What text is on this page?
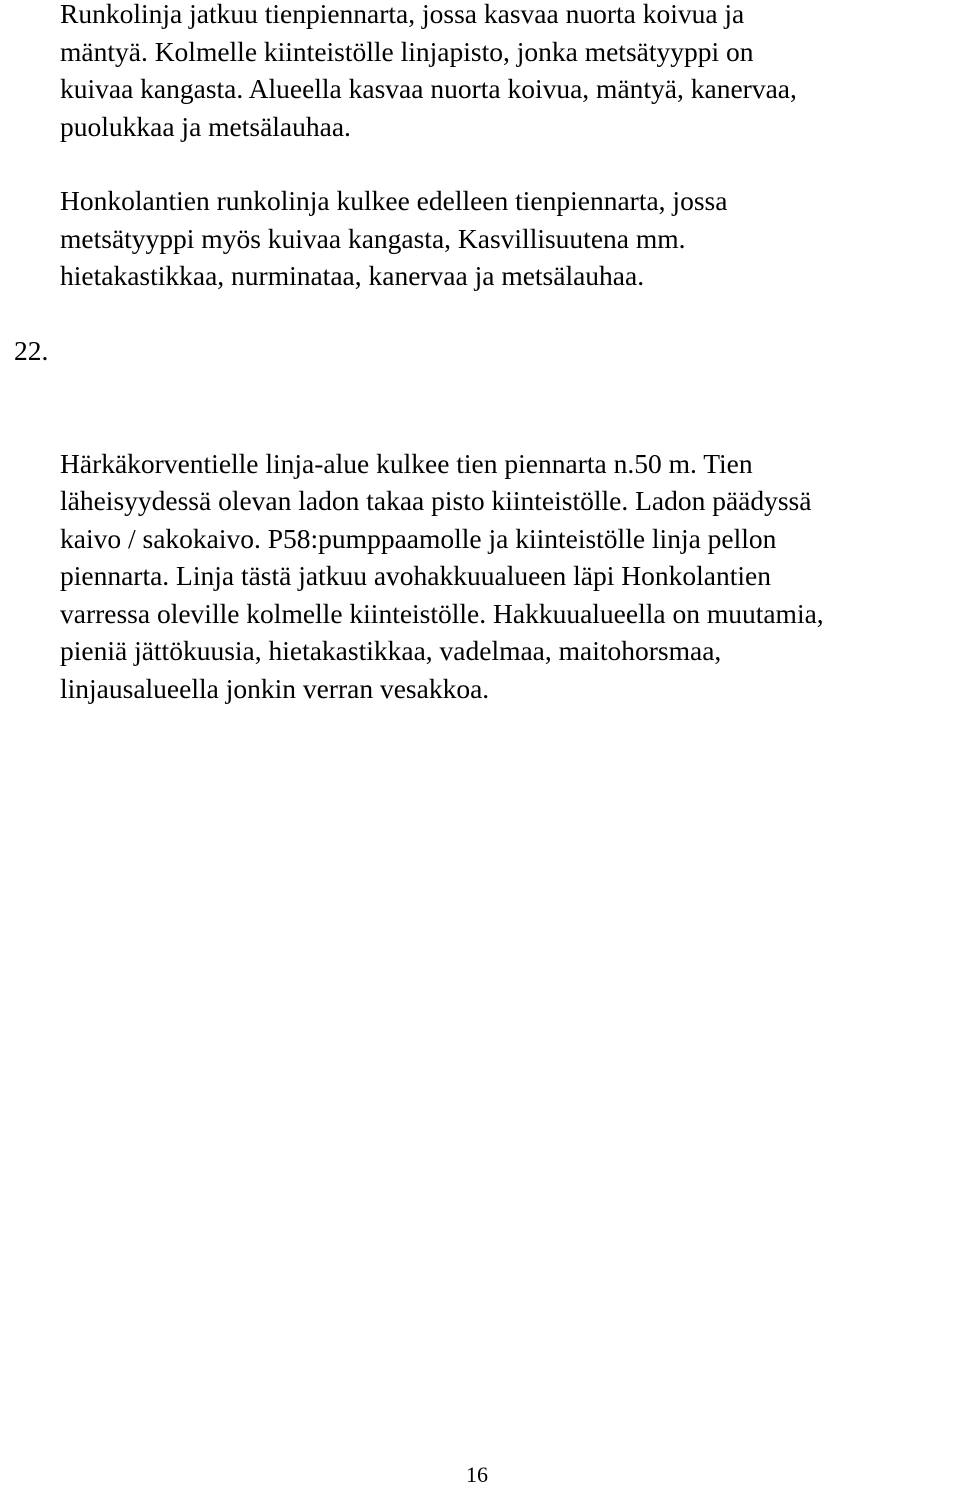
Runkolinja jatkuu tienpiennarta, jossa kasvaa nuorta koivua ja
mäntyä. Kolmelle kiinteistölle linjapisto, jonka metsätyyppi on
kuivaa kangasta. Alueella kasvaa nuorta koivua, mäntyä, kanervaa,
puolukkaa ja metsälauhaa.

Honkolantien runkolinja kulkee edelleen tienpiennarta, jossa
metsätyyppi myös kuivaa kangasta, Kasvillisuutena mm.
hietakastikkaa, nurminataa, kanervaa ja metsälauhaa.

22.

Härkäkorventielle linja-alue kulkee tien piennarta n.50 m. Tien
läheisyydessä olevan ladon takaa pisto kiinteistölle. Ladon päädyssä
kaivo / sakokaivo. P58:pumppaamolle ja kiinteistölle linja pellon
piennarta. Linja tästä jatkuu avohakkuualueen läpi Honkolantien
varressa oleville kolmelle kiinteistölle. Hakkuualueella on muutamia,
pieniä jättökuusia, hietakastikkaa, vadelmaa, maitohorsmaa,
linjausalueella jonkin verran vesakkoa.

16
